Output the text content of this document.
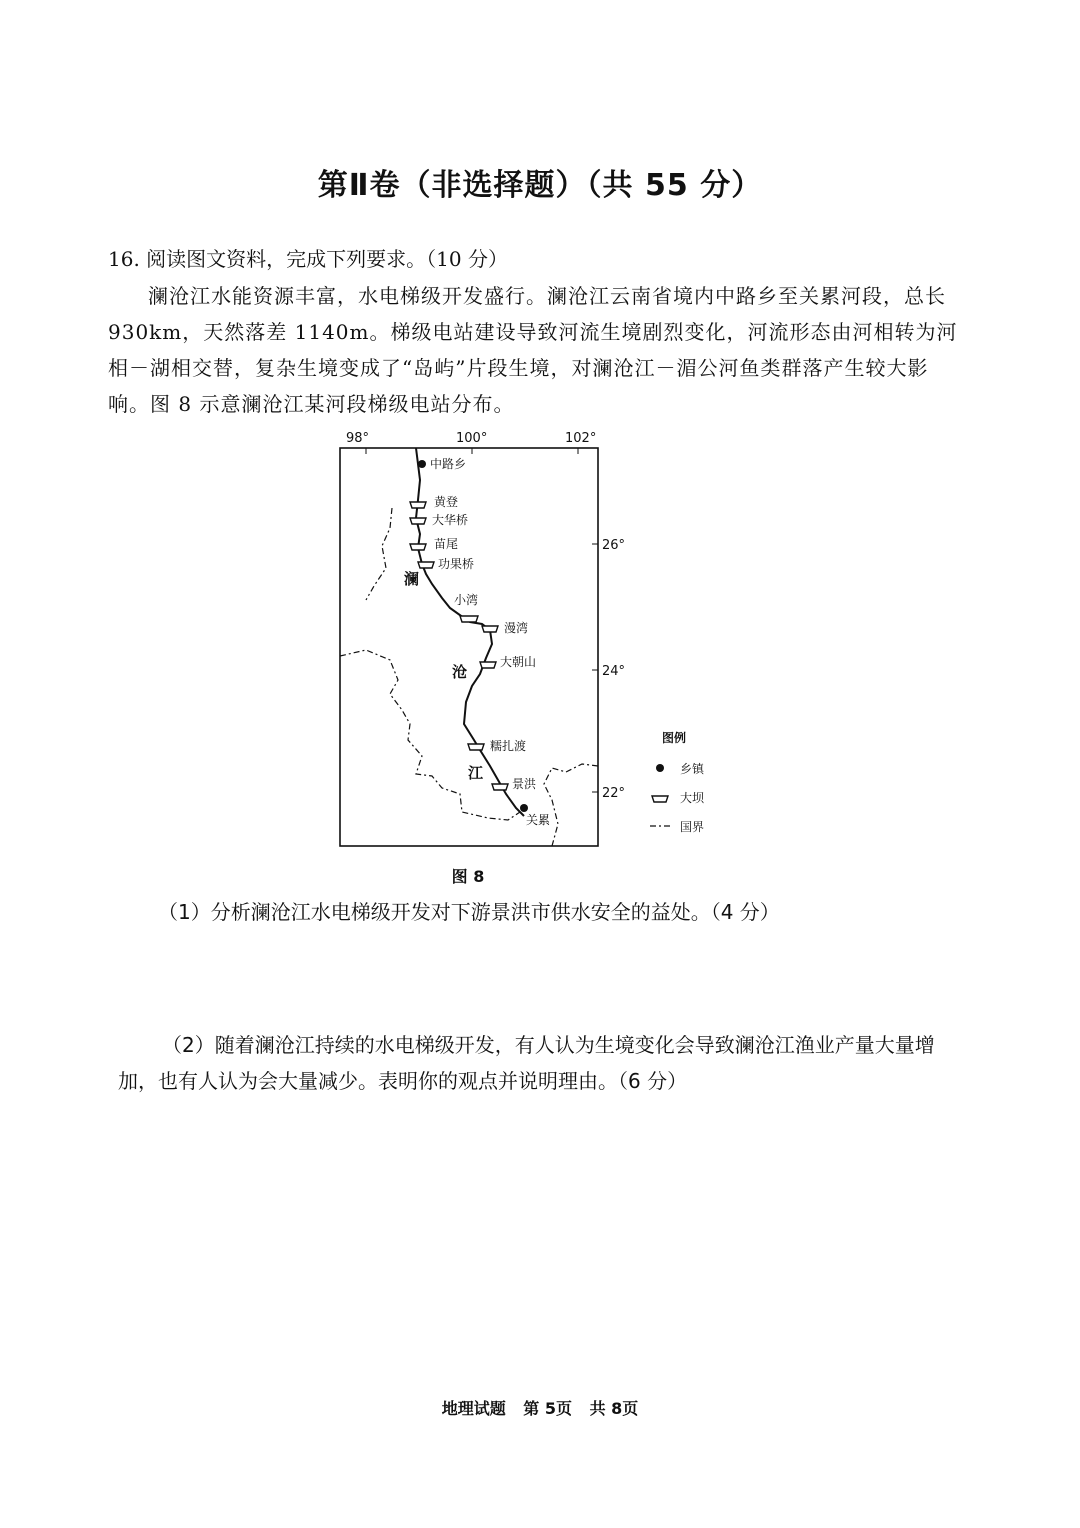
第Ⅱ卷（非选择题）（共 55 分）
16. 阅读图文资料，完成下列要求。（10 分）
澜沧江水能资源丰富，水电梯级开发盛行。澜沧江云南省境内中路乡至关累河段，总长 930km，天然落差 1140m。梯级电站建设导致河流生境剧烈变化，河流形态由河相转为河相－湖相交替，复杂生境变成了“岛屿”片段生境，对澜沧江－湄公河鱼类群落产生较大影响。图 8 示意澜沧江某河段梯级电站分布。
98°	100°	102°
26°
24°
22°
澜
沧
江
中路乡
关累
黄登
大华桥
苗尾
功果桥
小湾
漫湾
大朝山
糯扎渡
景洪
图例
乡镇
大坝
国界
图 8
（1）分析澜沧江水电梯级开发对下游景洪市供水安全的益处。（4 分）
（2）随着澜沧江持续的水电梯级开发，有人认为生境变化会导致澜沧江渔业产量大量增加，也有人认为会大量减少。表明你的观点并说明理由。（6 分）
地理试题 第 5页 共 8页
